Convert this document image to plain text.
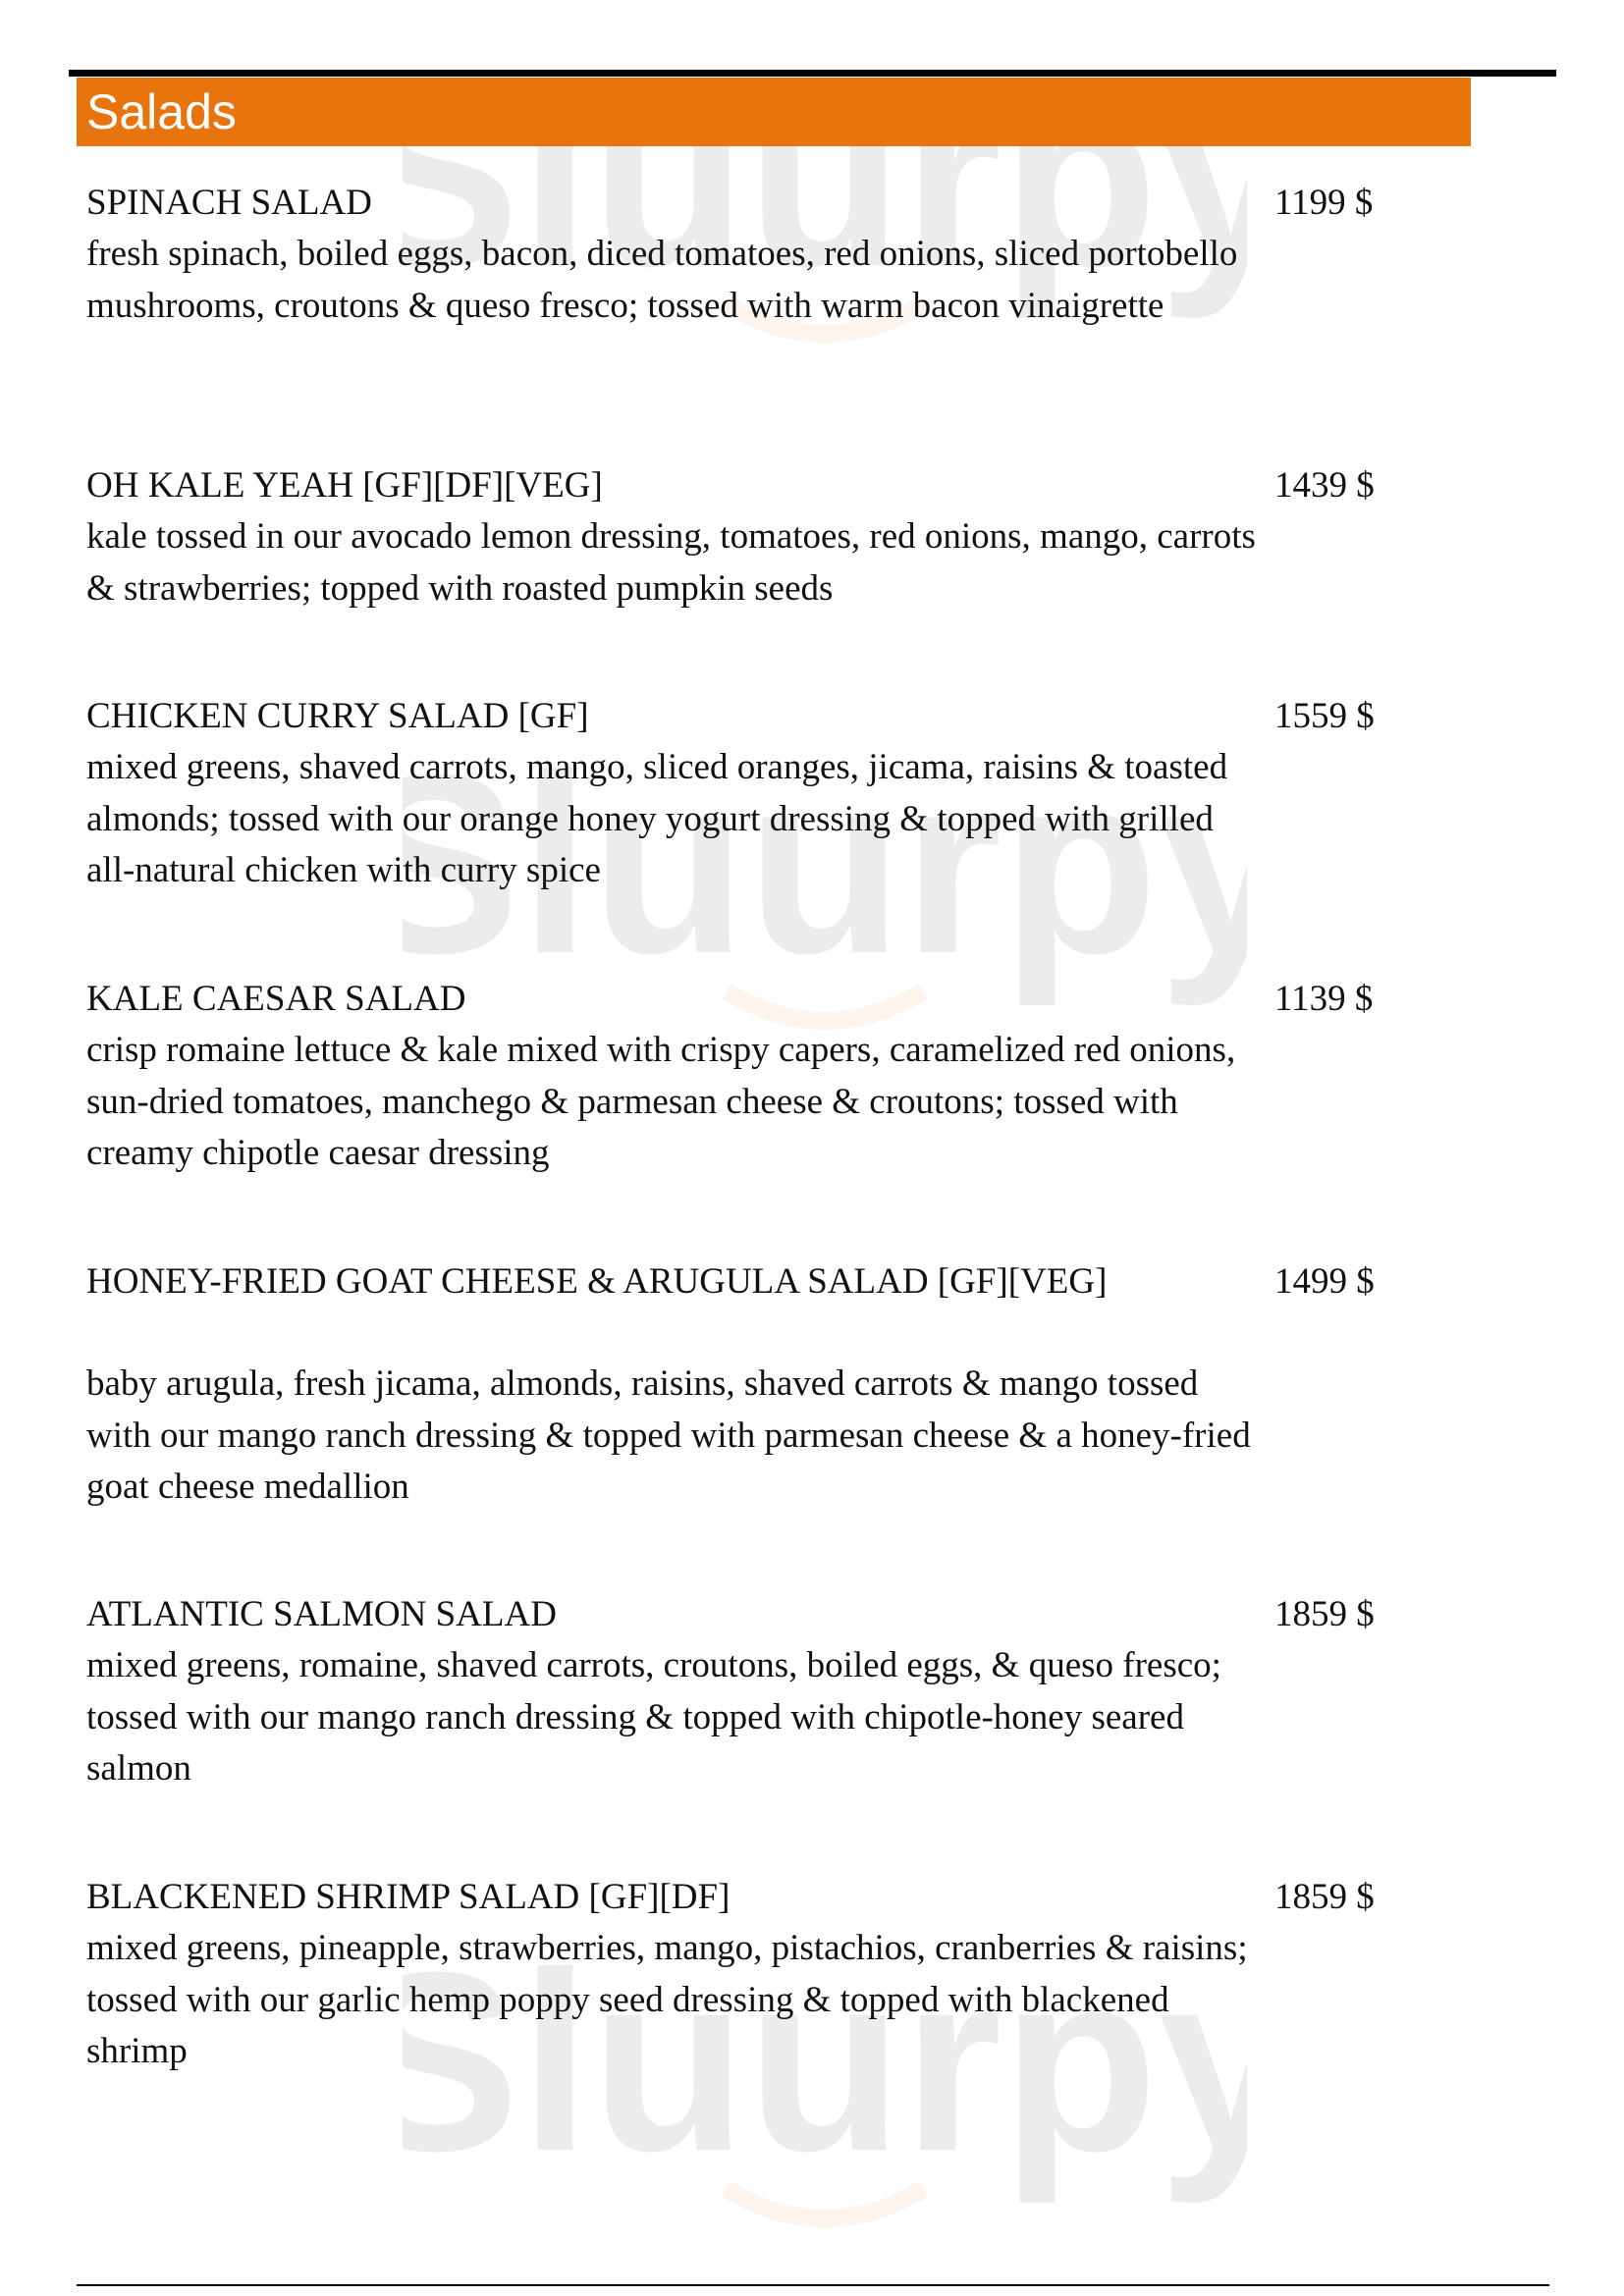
Sluurpy
Sluurpy
Sluurpy
Salads

SPINACH SALAD	1199 $

fresh spinach, boiled eggs, bacon, diced tomatoes, red onions, sliced portobello mushrooms, croutons & queso fresco; tossed with warm bacon vinaigrette

OH KALE YEAH [GF][DF][VEG]	1439 $

kale tossed in our avocado lemon dressing, tomatoes, red onions, mango, carrots & strawberries; topped with roasted pumpkin seeds

CHICKEN CURRY SALAD [GF]	1559 $

mixed greens, shaved carrots, mango, sliced oranges, jicama, raisins & toasted almonds; tossed with our orange honey yogurt dressing & topped with grilled all-natural chicken with curry spice

KALE CAESAR SALAD	1139 $

crisp romaine lettuce & kale mixed with crispy capers, caramelized red onions, sun-dried tomatoes, manchego & parmesan cheese & croutons; tossed with creamy chipotle caesar dressing

HONEY-FRIED GOAT CHEESE & ARUGULA SALAD [GF][VEG]	1499 $

baby arugula, fresh jicama, almonds, raisins, shaved carrots & mango tossed with our mango ranch dressing & topped with parmesan cheese & a honey-fried goat cheese medallion

ATLANTIC SALMON SALAD	1859 $

mixed greens, romaine, shaved carrots, croutons, boiled eggs, & queso fresco; tossed with our mango ranch dressing & topped with chipotle-honey seared salmon

BLACKENED SHRIMP SALAD [GF][DF]	1859 $

mixed greens, pineapple, strawberries, mango, pistachios, cranberries & raisins; tossed with our garlic hemp poppy seed dressing & topped with blackened shrimp
